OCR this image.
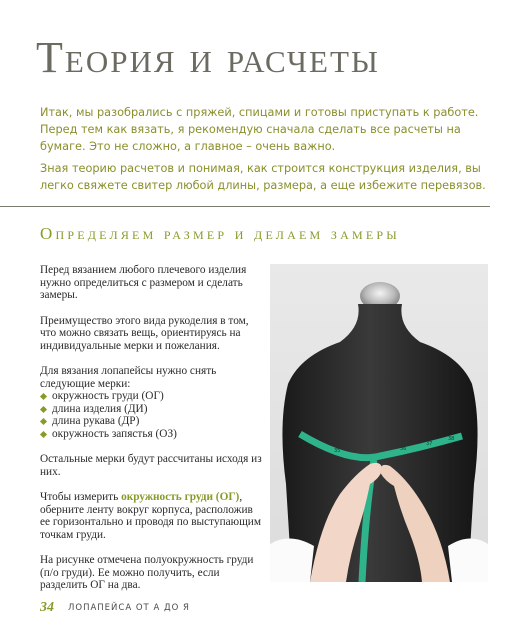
Теория и расчеты

Итак, мы разобрались с пряжей, спицами и готовы приступать к работе. Перед тем как вязать, я рекомендую сначала сделать все расчеты на бумаге. Это не сложно, а главное – очень важно.

Зная теорию расчетов и понимая, как строится конструкция изделия, вы легко свяжете свитер любой длины, размера, а еще избежите перевязов.

Определяем размер и делаем замеры

Перед вязанием любого плечевого изделия нужно определиться с размером и сделать замеры.

Преимущество этого вида рукоделия в том, что можно связать вещь, ориентируясь на индивидуальные мерки и пожелания.

Для вязания лопапейсы нужно снять следующие мерки:

окружность груди (ОГ)
длина изделия (ДИ)
длина рукава (ДР)
окружность запястья (ОЗ)

Остальные мерки будут рассчитаны исходя из них.

Чтобы измерить окружность груди (ОГ), оберните ленту вокруг корпуса, расположив ее горизонтально и проводя по выступающим точкам груди.

На рисунке отмечена полуокружность груди (п/о груди). Ее можно получить, если разделить ОГ на два.

35	36
37
38
34 ЛОПАПЕЙСА ОТ А ДО Я
